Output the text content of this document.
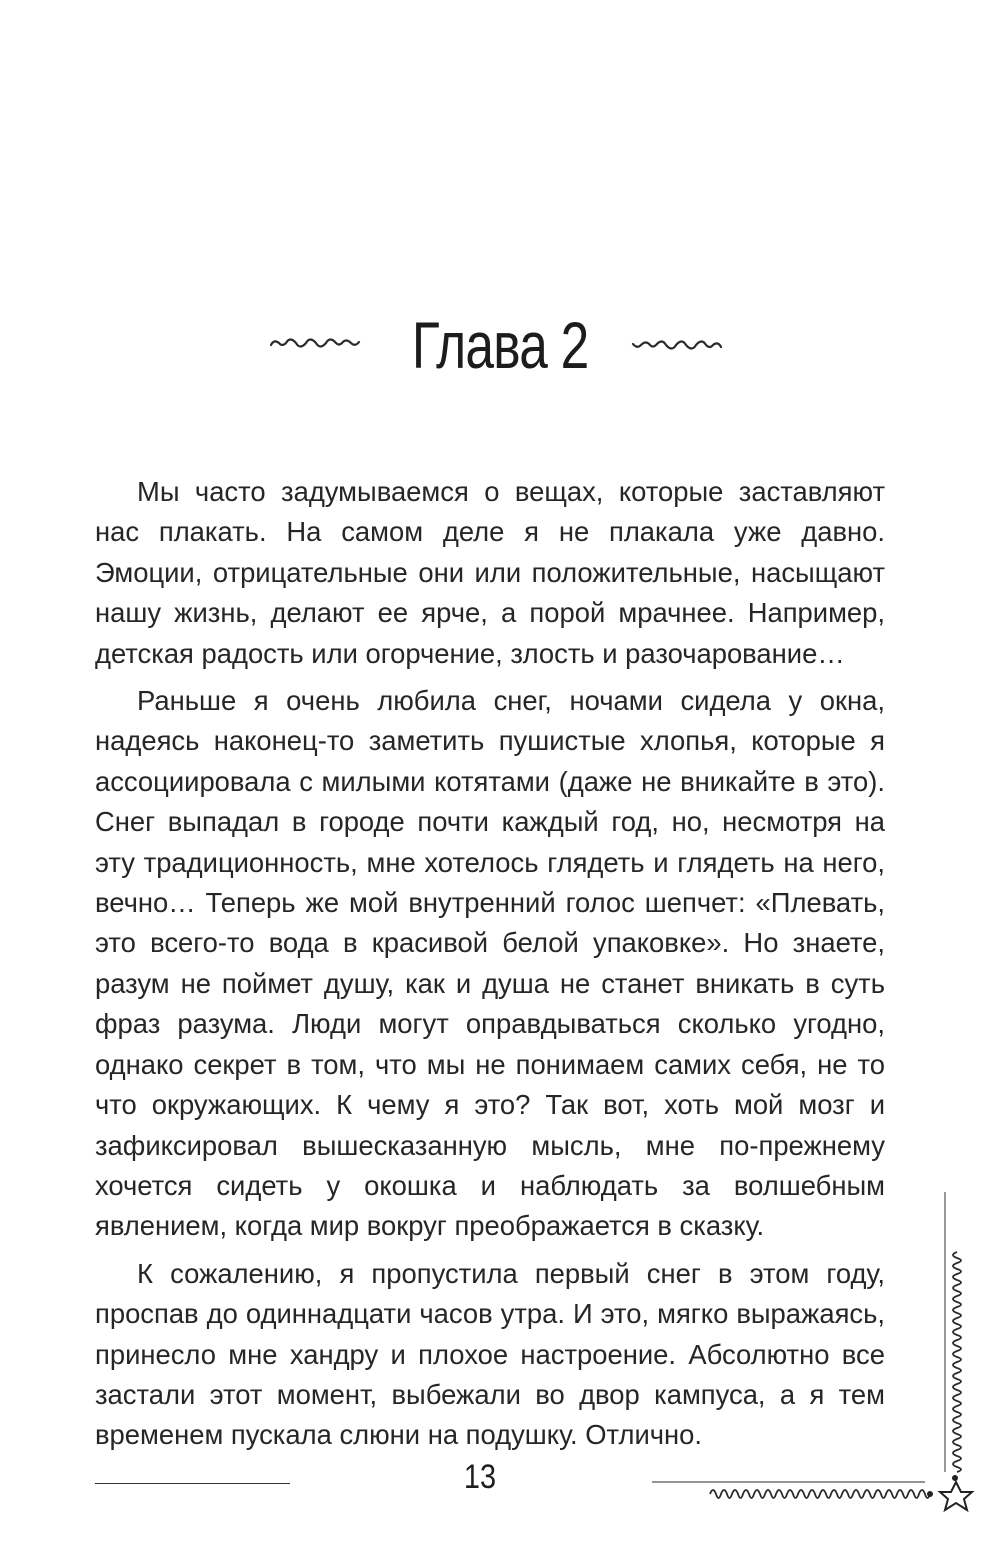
Глава 2

Мы часто задумываемся о вещах, которые заставляют нас плакать. На самом деле я не плакала уже давно. Эмоции, отрицательные они или положительные, насыщают нашу жизнь, делают ее ярче, а порой мрачнее. Например, детская радость или огорчение, злость и разочарование…

Раньше я очень любила снег, ночами сидела у окна, надеясь наконец-то заметить пушистые хлопья, которые я ассоциировала с милыми котятами (даже не вникайте в это). Снег выпадал в городе почти каждый год, но, несмотря на эту традиционность, мне хотелось глядеть и глядеть на него, вечно… Теперь же мой внутренний голос шепчет: «Плевать, это всего-то вода в красивой белой упаковке». Но знаете, разум не поймет душу, как и душа не станет вникать в суть фраз разума. Люди могут оправдываться сколько угодно, однако секрет в том, что мы не понимаем самих себя, не то что окружающих. К чему я это? Так вот, хоть мой мозг и зафиксировал вышесказанную мысль, мне по-прежнему хочется сидеть у окошка и наблюдать за волшебным явлением, когда мир вокруг преображается в сказку.

К сожалению, я пропустила первый снег в этом году, проспав до одиннадцати часов утра. И это, мягко выражаясь, принесло мне хандру и плохое настроение. Абсолютно все застали этот момент, выбежали во двор кампуса, а я тем временем пускала слюни на подушку. Отлично.

13
